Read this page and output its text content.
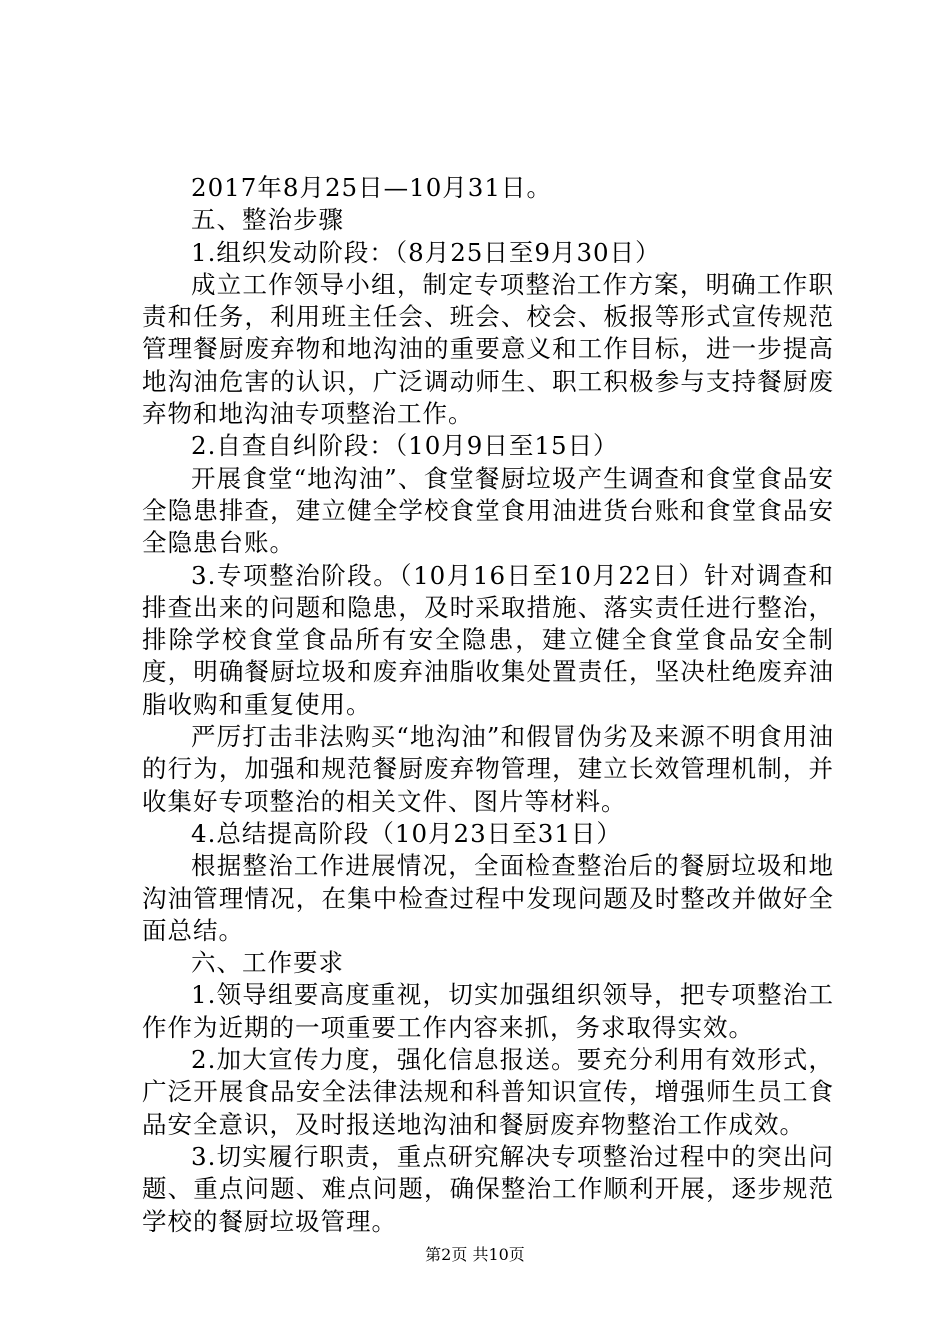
2017年8月25日—10月31日。

五、整治步骤

1.组织发动阶段：（8月25日至9月30日）

成立工作领导小组，制定专项整治工作方案，明确工作职责和任务，利用班主任会、班会、校会、板报等形式宣传规范管理餐厨废弃物和地沟油的重要意义和工作目标，进一步提高地沟油危害的认识，广泛调动师生、职工积极参与支持餐厨废弃物和地沟油专项整治工作。

2.自查自纠阶段：（10月9日至15日）

开展食堂“地沟油”、食堂餐厨垃圾产生调查和食堂食品安全隐患排查，建立健全学校食堂食用油进货台账和食堂食品安全隐患台账。

3.专项整治阶段。（10月16日至10月22日）针对调查和排查出来的问题和隐患，及时采取措施、落实责任进行整治，排除学校食堂食品所有安全隐患，建立健全食堂食品安全制度，明确餐厨垃圾和废弃油脂收集处置责任，坚决杜绝废弃油脂收购和重复使用。

严厉打击非法购买“地沟油”和假冒伪劣及来源不明食用油的行为，加强和规范餐厨废弃物管理，建立长效管理机制，并收集好专项整治的相关文件、图片等材料。

4.总结提高阶段（10月23日至31日）

根据整治工作进展情况，全面检查整治后的餐厨垃圾和地沟油管理情况，在集中检查过程中发现问题及时整改并做好全面总结。

六、工作要求

1.领导组要高度重视，切实加强组织领导，把专项整治工作作为近期的一项重要工作内容来抓，务求取得实效。

2.加大宣传力度，强化信息报送。要充分利用有效形式，广泛开展食品安全法律法规和科普知识宣传，增强师生员工食品安全意识，及时报送地沟油和餐厨废弃物整治工作成效。

3.切实履行职责，重点研究解决专项整治过程中的突出问题、重点问题、难点问题，确保整治工作顺利开展，逐步规范学校的餐厨垃圾管理。

第2页 共10页
